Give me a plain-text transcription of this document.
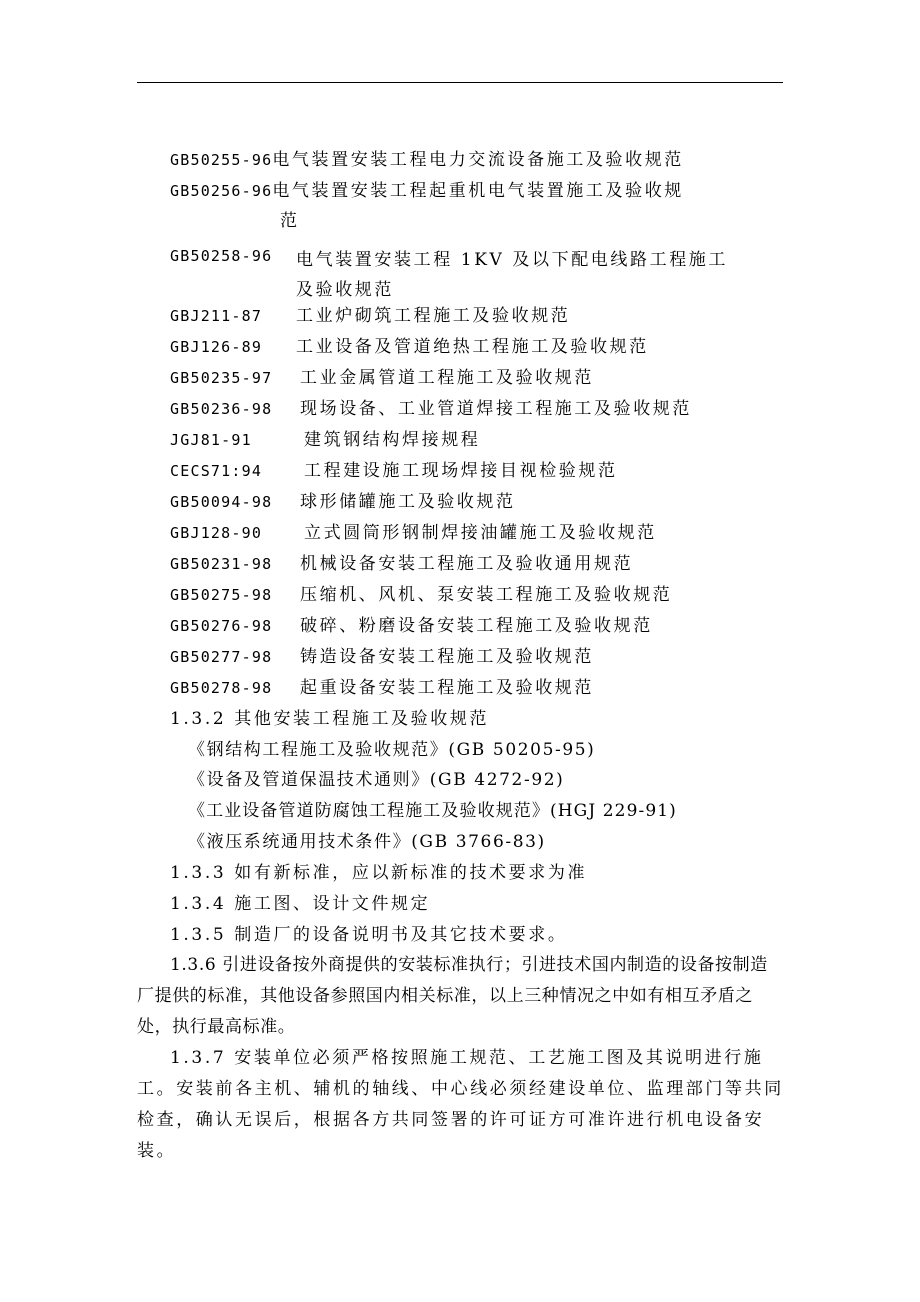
GB50255-96电气装置安装工程电力交流设备施工及验收规范
GB50256-96电气装置安装工程起重机电气装置施工及验收规
范
GB50258-96 电气装置安装工程 1KV 及以下配电线路工程施工
及验收规范
GBJ211-87 工业炉砌筑工程施工及验收规范
GBJ126-89 工业设备及管道绝热工程施工及验收规范
GB50235-97 工业金属管道工程施工及验收规范
GB50236-98 现场设备、工业管道焊接工程施工及验收规范
JGJ81-91	建筑钢结构焊接规程
CECS71:94 工程建设施工现场焊接目视检验规范
GB50094-98 球形储罐施工及验收规范
GBJ128-90 立式圆筒形钢制焊接油罐施工及验收规范
GB50231-98 机械设备安装工程施工及验收通用规范
GB50275-98 压缩机、风机、泵安装工程施工及验收规范
GB50276-98 破碎、粉磨设备安装工程施工及验收规范
GB50277-98 铸造设备安装工程施工及验收规范
GB50278-98 起重设备安装工程施工及验收规范
1.3.2 其他安装工程施工及验收规范
《钢结构工程施工及验收规范》(GB 50205-95)
《设备及管道保温技术通则》(GB 4272-92)
《工业设备管道防腐蚀工程施工及验收规范》(HGJ 229-91)
《液压系统通用技术条件》(GB 3766-83)
1.3.3 如有新标准，应以新标准的技术要求为准
1.3.4 施工图、设计文件规定
1.3.5 制造厂的设备说明书及其它技术要求。
1.3.6 引进设备按外商提供的安装标准执行；引进技术国内制造的设备按制造厂提供的标准，其他设备参照国内相关标准，以上三种情况之中如有相互矛盾之处，执行最高标准。
1.3.7 安装单位必须严格按照施工规范、工艺施工图及其说明进行施工。安装前各主机、辅机的轴线、中心线必须经建设单位、监理部门等共同检查，确认无误后，根据各方共同签署的许可证方可准许进行机电设备安装。
